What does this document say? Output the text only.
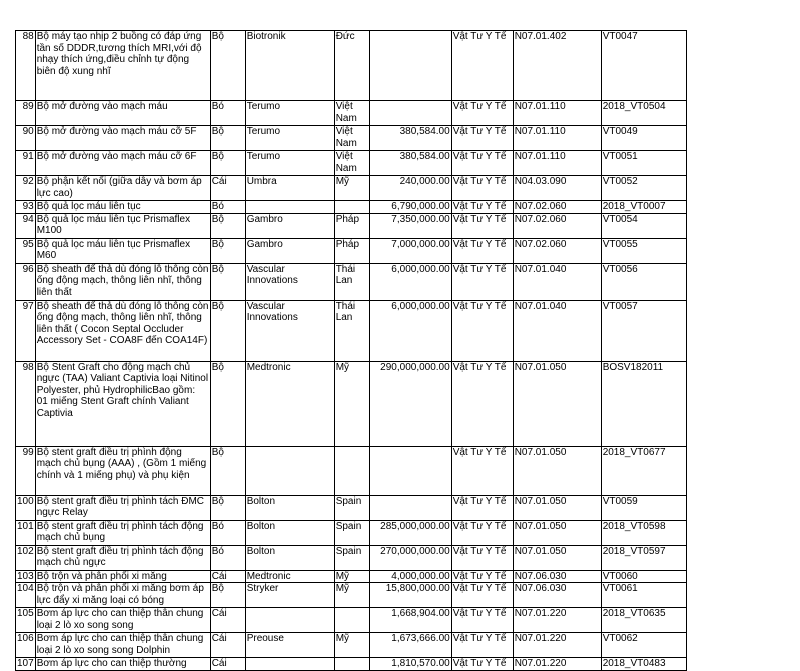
88	Bộ máy tạo nhịp 2 buồng có đáp ứng tần số DDDR,tương thích MRI,với độ nhạy thích ứng,điều chỉnh tự động biên độ xung nhĩ	Bộ	Biotronik	Đức		Vật Tư Y Tế	N07.01.402	VT0047
89	Bộ mở đường vào mạch máu	Bó	Terumo	Việt Nam		Vật Tư Y Tế	N07.01.110	2018_VT0504
90	Bộ mở đường vào mạch máu cỡ 5F	Bộ	Terumo	Việt Nam	380,584.00	Vật Tư Y Tế	N07.01.110	VT0049
91	Bộ mở đường vào mạch máu cỡ 6F	Bộ	Terumo	Việt Nam	380,584.00	Vật Tư Y Tế	N07.01.110	VT0051
92	Bộ phận kết nối (giữa dây và bơm áp lực cao)	Cái	Umbra	Mỹ	240,000.00	Vật Tư Y Tế	N04.03.090	VT0052
93	Bộ quả lọc máu liên tục	Bó			6,790,000.00	Vật Tư Y Tế	N07.02.060	2018_VT0007
94	Bộ quả lọc máu liên tục Prismaflex M100	Bộ	Gambro	Pháp	7,350,000.00	Vật Tư Y Tế	N07.02.060	VT0054
95	Bộ quả lọc máu liên tục Prismaflex M60	Bộ	Gambro	Pháp	7,000,000.00	Vật Tư Y Tế	N07.02.060	VT0055
96	Bộ sheath để thả dù đóng lỗ thông còn ống động mạch, thông liên nhĩ, thông liên thất	Bộ	Vascular Innovations	Thái Lan	6,000,000.00	Vật Tư Y Tế	N07.01.040	VT0056
97	Bộ sheath để thả dù đóng lỗ thông còn ống động mạch, thông liên nhĩ, thông liên thất ( Cocon Septal Occluder Accessory Set - COA8F đến COA14F)	Bộ	Vascular Innovations	Thái Lan	6,000,000.00	Vật Tư Y Tế	N07.01.040	VT0057
98	Bộ Stent Graft cho động mạch chủ ngực (TAA) Valiant Captivia loại Nitinol Polyester, phủ HydrophilicBao gồm: 01 miếng Stent Graft chính Valiant Captivia	Bộ	Medtronic	Mỹ	290,000,000.00	Vật Tư Y Tế	N07.01.050	BOSV182011
99	Bộ stent graft điều trị phình động mạch chủ bụng (AAA) , (Gồm 1 miếng chính và 1 miếng phụ) và phụ kiện	Bộ				Vật Tư Y Tế	N07.01.050	2018_VT0677
100	Bộ stent graft điều trị phình tách ĐMC ngực Relay	Bộ	Bolton	Spain		Vật Tư Y Tế	N07.01.050	VT0059
101	Bộ stent graft điều trị phình tách động mạch chủ bụng	Bó	Bolton	Spain	285,000,000.00	Vật Tư Y Tế	N07.01.050	2018_VT0598
102	Bộ stent graft điều trị phình tách động mạch chủ ngực	Bó	Bolton	Spain	270,000,000.00	Vật Tư Y Tế	N07.01.050	2018_VT0597
103	Bộ trộn và phân phối xi măng	Cái	Medtronic	Mỹ	4,000,000.00	Vật Tư Y Tế	N07.06.030	VT0060
104	Bộ trộn và phân phối xi măng bơm áp lực đẩy xi măng loại có bóng	Bộ	Stryker	Mỹ	15,800,000.00	Vật Tư Y Tế	N07.06.030	VT0061
105	Bơm áp lực cho can thiệp thân chung loại 2 lò xo song song	Cái			1,668,904.00	Vật Tư Y Tế	N07.01.220	2018_VT0635
106	Bơm áp lực cho can thiệp thân chung loại 2 lò xo song song Dolphin	Cái	Preouse	Mỹ	1,673,666.00	Vật Tư Y Tế	N07.01.220	VT0062
107	Bơm áp lực cho can thiệp thường	Cái			1,810,570.00	Vật Tư Y Tế	N07.01.220	2018_VT0483
